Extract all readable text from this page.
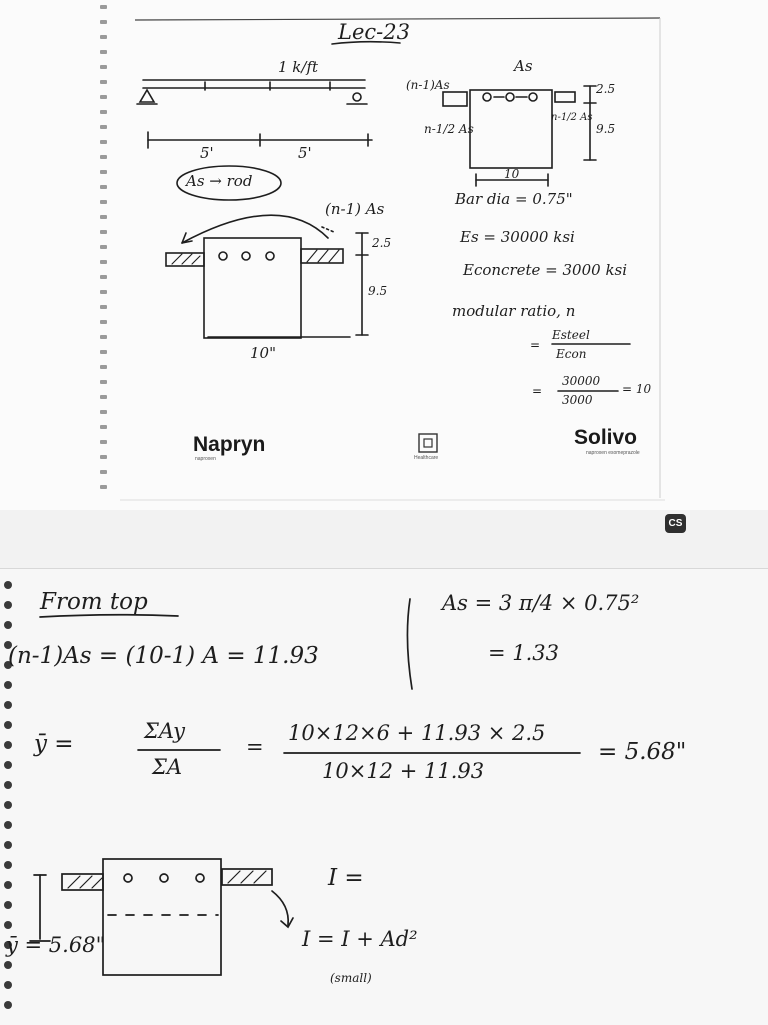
Lec-23
1 k/ft
5'	5'
As → rod
(n-1)As
As
2.5
9.5
n-1/2 As
n-1/2 As
10
(n-1) As
2.5
9.5
10"
Bar dia = 0.75"
Es = 30000 ksi
Econcrete = 3000 ksi
modular ratio, n
=
Esteel
Econ
=
30000
3000
= 10
Napryn
naproxen	Healthcare
Solivo
naproxen esomeprazole
CS
From top
(n-1)As = (10-1) A = 11.93
As = 3 π/4 × 0.75²
= 1.33
ȳ =	ΣAy
ΣA
=
10×12×6 + 11.93 × 2.5
10×12 + 11.93
= 5.68"
ȳ = 5.68"
I =
I = I + Ad²
(small)
